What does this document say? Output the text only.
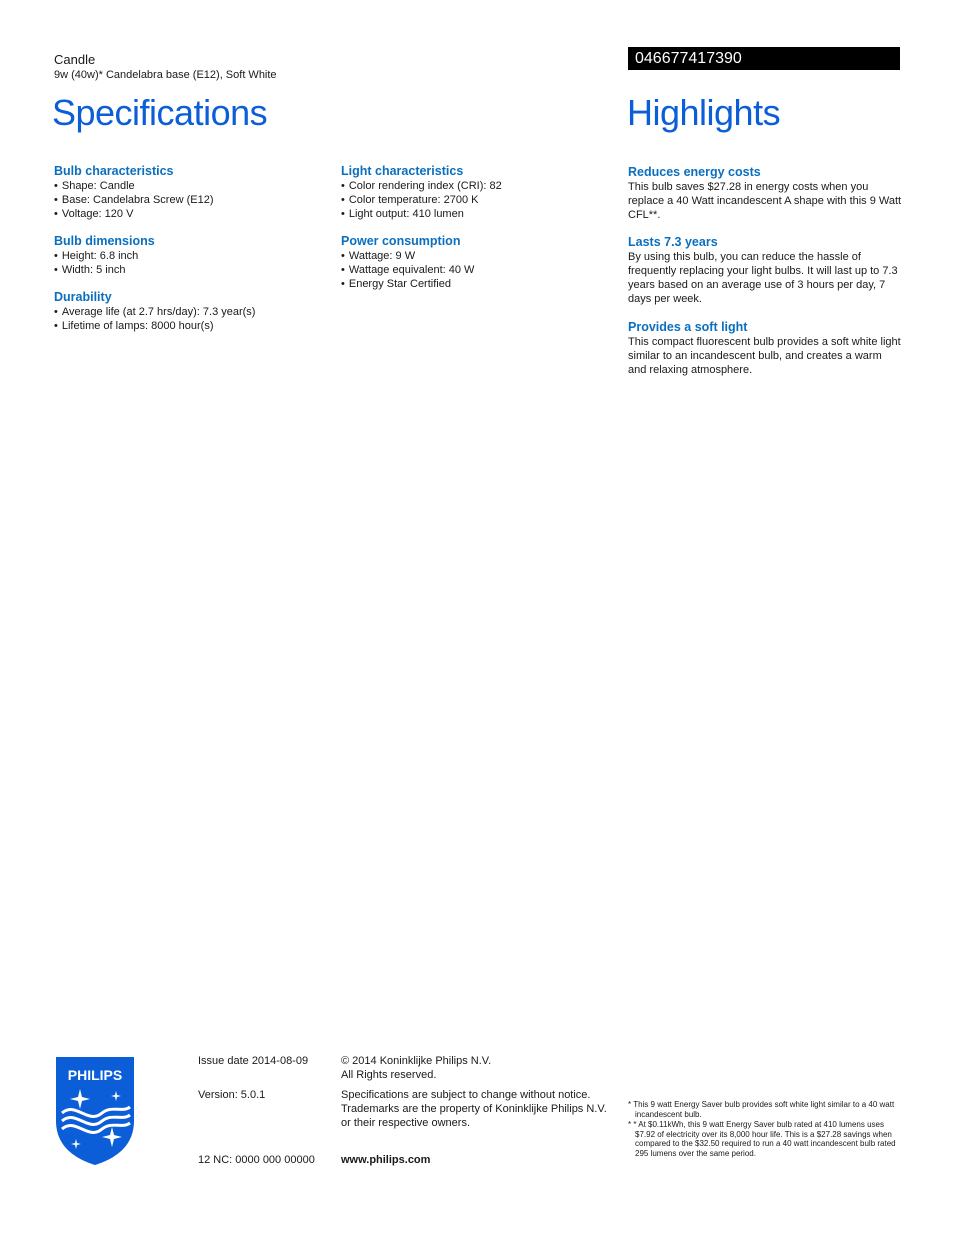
Candle
9w (40w)* Candelabra base (E12), Soft White
046677417390
Specifications	Highlights
Bulb characteristics
• Shape: Candle
• Base: Candelabra Screw (E12)
• Voltage: 120 V
Bulb dimensions
• Height: 6.8 inch
• Width: 5 inch
Durability
• Average life (at 2.7 hrs/day): 7.3 year(s)
• Lifetime of lamps: 8000 hour(s)
Light characteristics
• Color rendering index (CRI): 82
• Color temperature: 2700 K
• Light output: 410 lumen
Power consumption
• Wattage: 9 W
• Wattage equivalent: 40 W
• Energy Star Certified
Reduces energy costs

This bulb saves $27.28 in energy costs when you replace a 40 Watt incandescent A shape with this 9 Watt CFL**.

Lasts 7.3 years

By using this bulb, you can reduce the hassle of frequently replacing your light bulbs. It will last up to 7.3 years based on an average use of 3 hours per day, 7 days per week.

Provides a soft light

This compact fluorescent bulb provides a soft white light similar to an incandescent bulb, and creates a warm and relaxing atmosphere.

PHILIPS
Issue date 2014-08-09
Version: 5.0.1
12 NC: 0000 000 00000
© 2014 Koninklijke Philips N.V.
All Rights reserved.
Specifications are subject to change without notice.
Trademarks are the property of Koninklijke Philips N.V.
or their respective owners.
www.philips.com

* This 9 watt Energy Saver bulb provides soft white light similar to a 40 watt incandescent bulb.

* * At $0.11kWh, this 9 watt Energy Saver bulb rated at 410 lumens uses $7.92 of electricity over its 8,000 hour life. This is a $27.28 savings when compared to the $32.50 required to run a 40 watt incandescent bulb rated 295 lumens over the same period.
